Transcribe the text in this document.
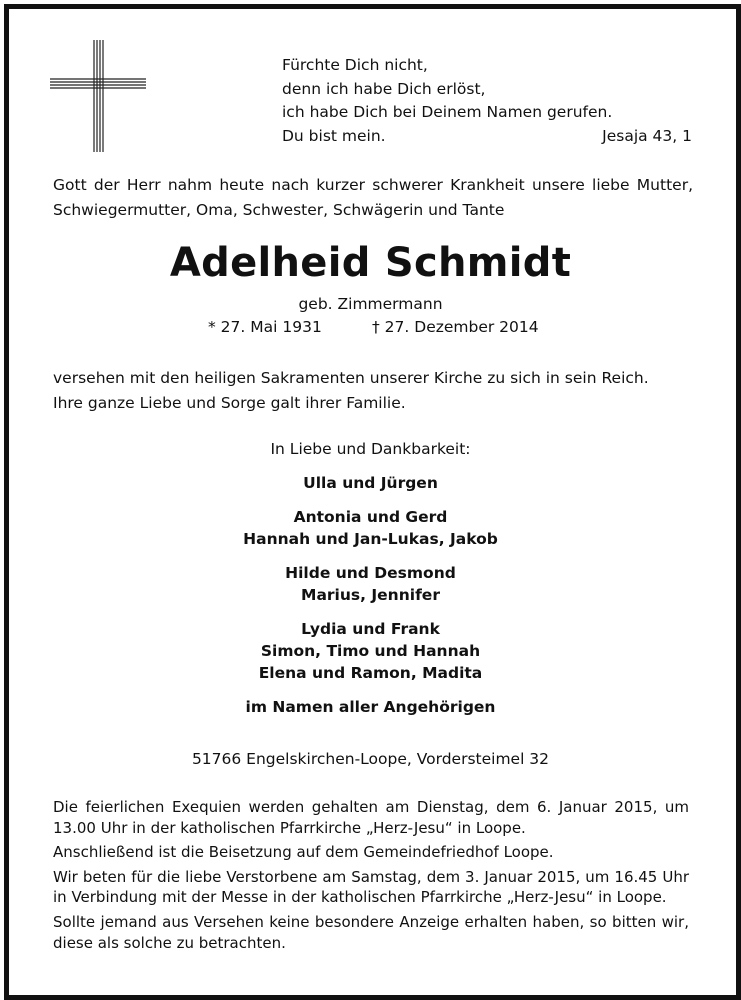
Fürchte Dich nicht,
denn ich habe Dich erlöst,
ich habe Dich bei Deinem Namen gerufen.
Du bist mein.	Jesaja 43, 1
Gott der Herr nahm heute nach kurzer schwerer Krankheit unsere liebe Mutter,
Schwiegermutter, Oma, Schwester, Schwägerin und Tante
Adelheid Schmidt
geb. Zimmermann
* 27. Mai 1931	† 27. Dezember 2014
versehen mit den heiligen Sakramenten unserer Kirche zu sich in sein Reich.
Ihre ganze Liebe und Sorge galt ihrer Familie.
In Liebe und Dankbarkeit:
Ulla und Jürgen
Antonia und Gerd
Hannah und Jan-Lukas, Jakob
Hilde und Desmond
Marius, Jennifer
Lydia und Frank
Simon, Timo und Hannah
Elena und Ramon, Madita
im Namen aller Angehörigen
51766 Engelskirchen-Loope, Vordersteimel 32

Die feierlichen Exequien werden gehalten am Dienstag, dem 6. Januar 2015, um 13.00 Uhr in der katholischen Pfarrkirche „Herz-Jesu“ in Loope.

Anschließend ist die Beisetzung auf dem Gemeindefriedhof Loope.

Wir beten für die liebe Verstorbene am Samstag, dem 3. Januar 2015, um 16.45 Uhr in Verbindung mit der Messe in der katholischen Pfarrkirche „Herz-Jesu“ in Loope.

Sollte jemand aus Versehen keine besondere Anzeige erhalten haben, so bitten wir, diese als solche zu betrachten.
